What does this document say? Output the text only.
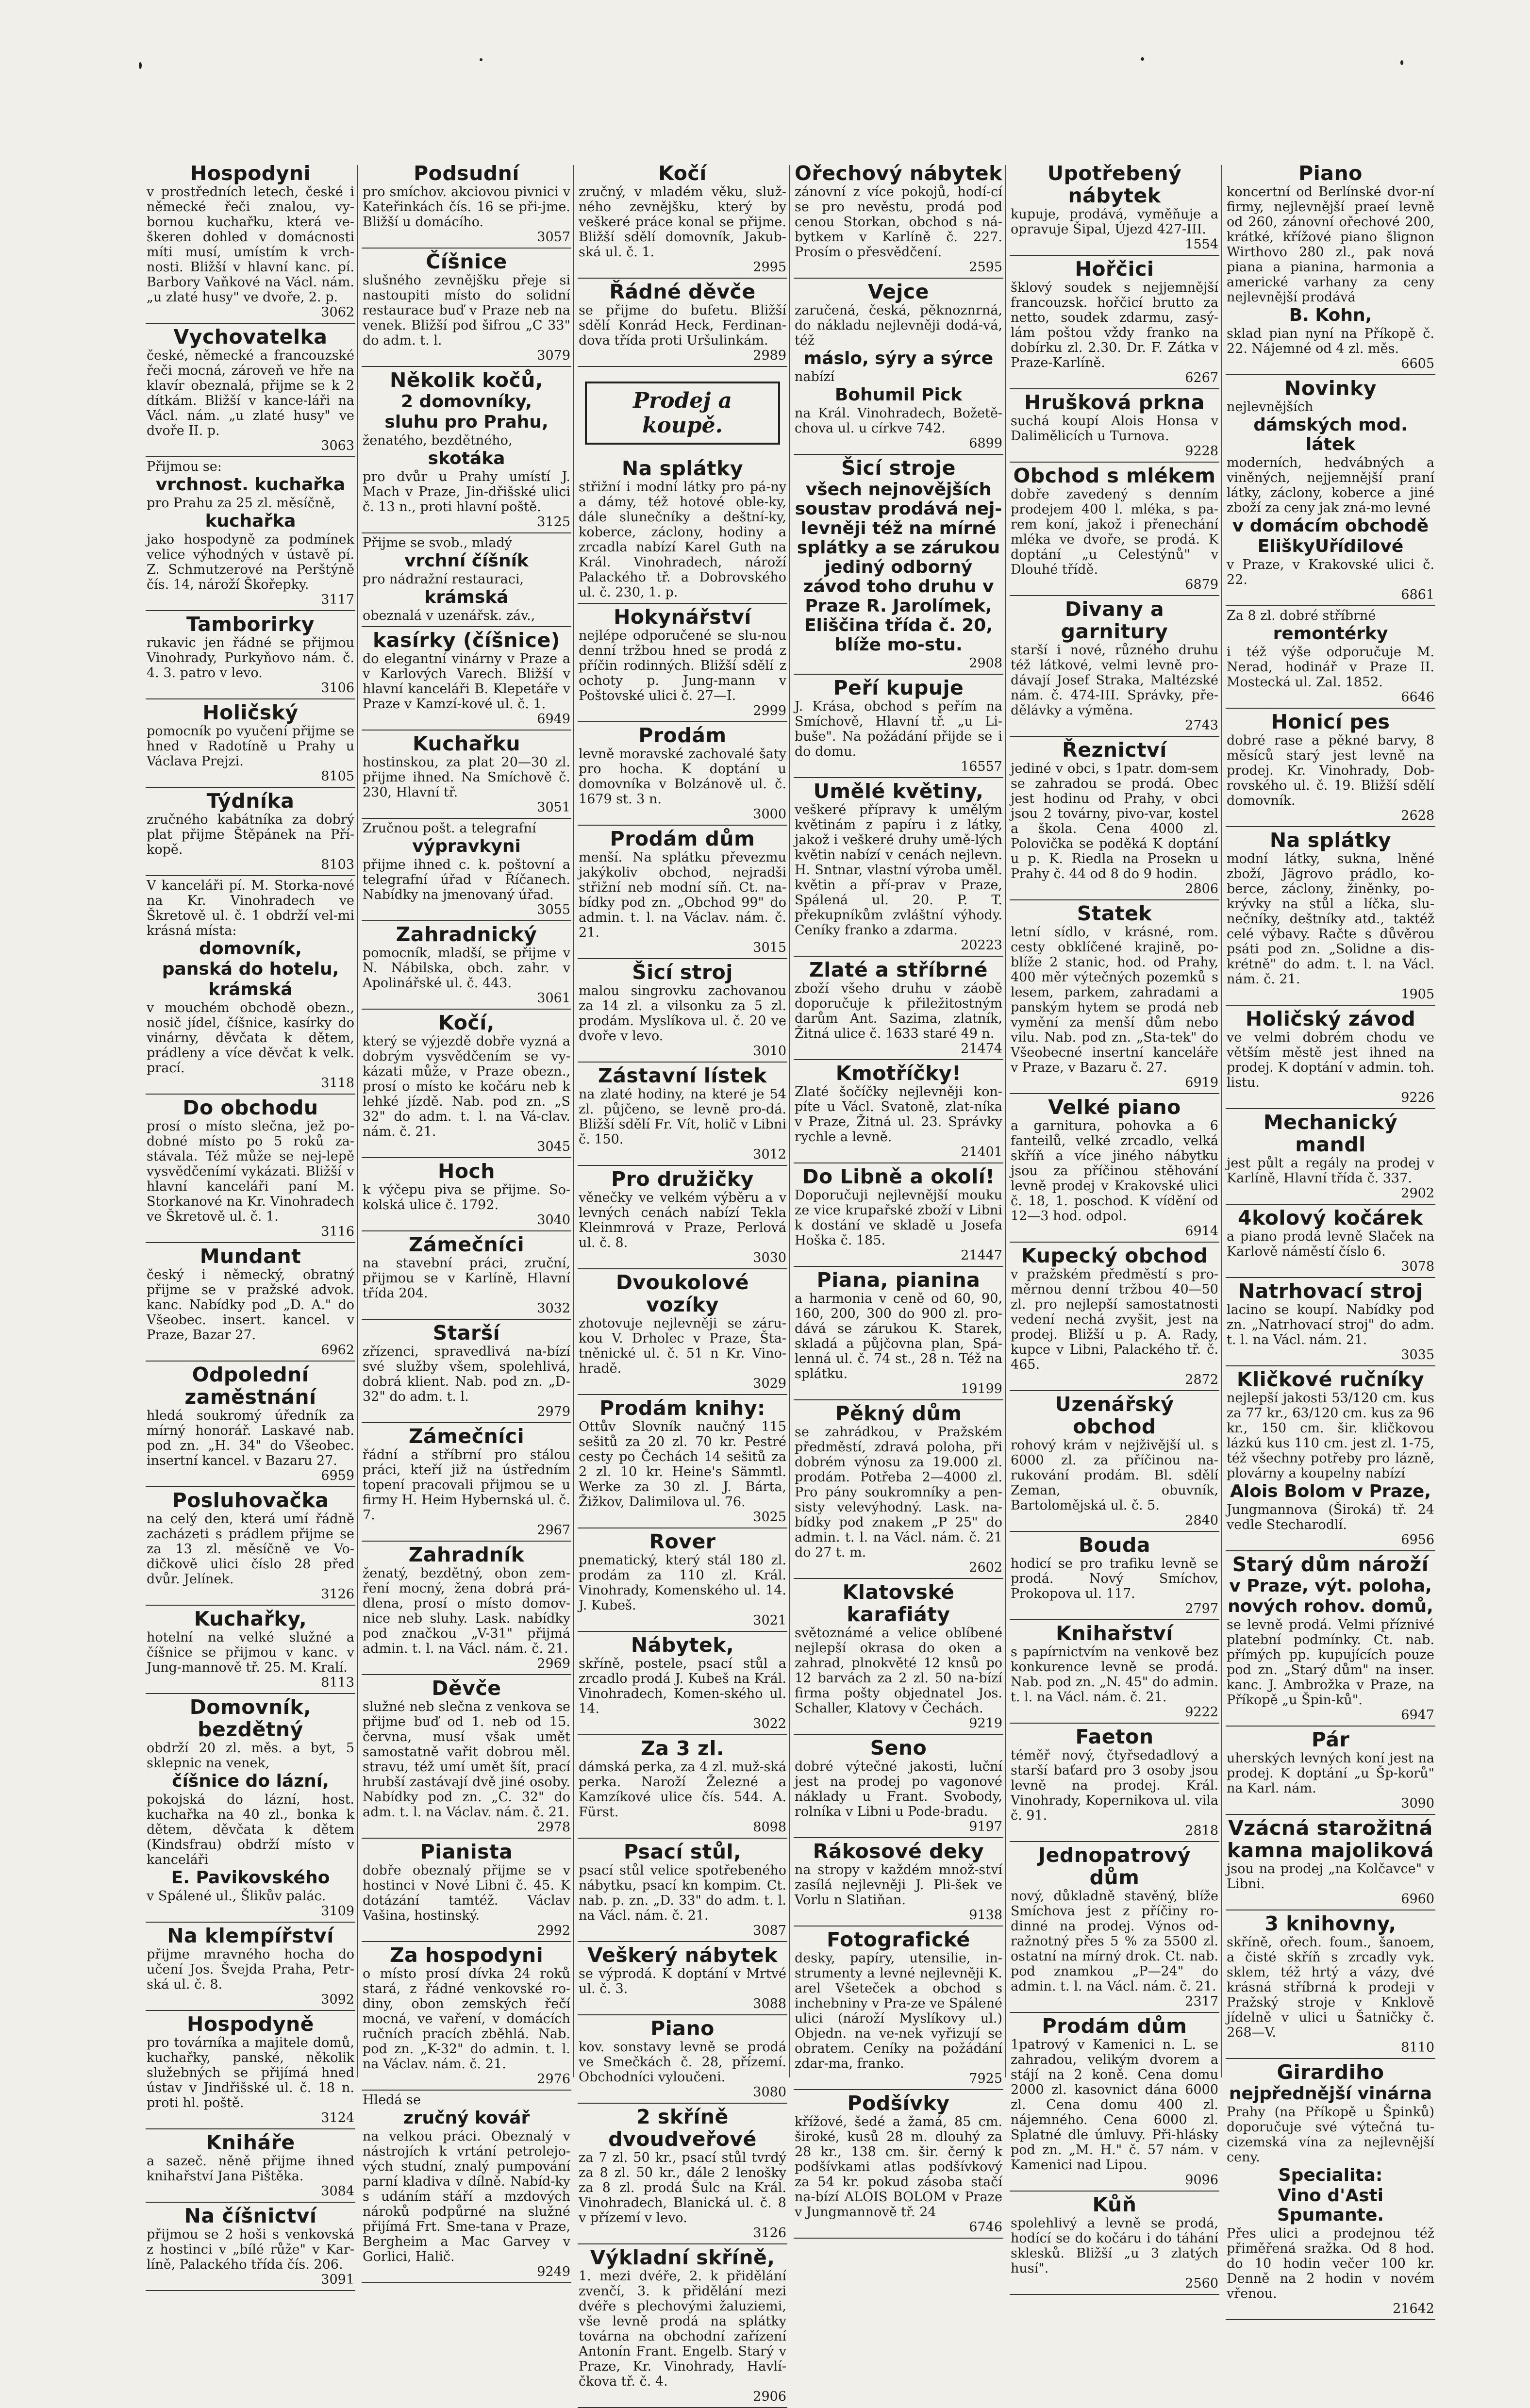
Hospodyni
v prostředních letech, české i německé řeči znalou, vy-bornou kuchařku, která ve-škeren dohled v domácnosti míti musí, umístím k vrch-nosti. Bližší v hlavní kanc. pí. Barbory Vaňkové na Václ. nám. „u zlaté husy" ve dvoře, 2. p.
3062
Vychovatelka
české, německé a francouzské řeči mocná, zároveň ve hře na klavír obeznalá, přijme se k 2 dítkám. Bližší v kance-láři na Václ. nám. „u zlaté husy" ve dvoře II. p.
3063
Přijmou se:
vrchnost. kuchařka
pro Prahu za 25 zl. měsíčně,
kuchařka
jako hospodyně za podmínek velice výhodných v ústavě pí. Z. Schmutzerové na Perštýně čís. 14, nároží Škořepky.
3117
Tamborirky
rukavic jen řádné se přijmou Vinohrady, Purkyňovo nám. č. 4. 3. patro v levo.
3106
Holičský
pomocník po vyučení přijme se hned v Radotíně u Prahy u Václava Prejzi.
8105
Týdníka
zručného kabátníka za dobrý plat přijme Štěpánek na Pří-kopě.
8103
V kanceláři pí. M. Storka-nové na Kr. Vinohradech ve Škretově ul. č. 1 obdrží vel-mi krásná místa:
domovník,
panská do hotelu,
krámská
v mouchém obchodě obezn., nosič jídel, číšnice, kasírky do vinárny, děvčata k dětem, prádleny a více děvčat k velk. prací.
3118
Do obchodu
prosí o místo slečna, jež po-dobné místo po 5 roků za-stávala. Též může se nej-lepě vysvědčenímí vykázati. Bližší v hlavní kanceláři paní M. Storkanové na Kr. Vinohradech ve Škretově ul. č. 1.
3116
Mundant
český i německý, obratný přijme se v pražské advok. kanc. Nabídky pod „D. A." do Všeobec. insert. kancel. v Praze, Bazar 27.
6962
Odpolední zaměstnání
hledá soukromý úředník za mírný honorář. Laskavé nab. pod zn. „H. 34" do Všeobec. insertní kancel. v Bazaru 27.
6959
Posluhovačka
na celý den, která umí řádně zacházeti s prádlem přijme se za 13 zl. měsíčně ve Vo-dičkově ulici číslo 28 před dvůr. Jelínek.
3126
Kuchařky,
hotelní na velké služné a číšnice se přijmou v kanc. v Jung-mannově tř. 25. M. Kralí.
8113
Domovník, bezdětný
obdrží 20 zl. měs. a byt, 5 sklepnic na venek,
číšnice do lázní,
pokojská do lázní, host. kuchařka na 40 zl., bonka k dětem, děvčata k dětem (Kindsfrau) obdrží místo v kanceláři
E. Pavikovského
v Spálené ul., Šlikův palác.
3109
Na klempířství
přijme mravného hocha do učení Jos. Švejda Praha, Petr-ská ul. č. 8.
3092
Hospodyně
pro továrníka a majitele domů, kuchařky, panské, několik služebných se přijímá hned ústav v Jindřišské ul. č. 18 n. proti hl. poště.
3124
Kniháře
a sazeč. něně přijme ihned knihařství Jana Pištěka.
3084
Na číšnictví
přijmou se 2 hoši s venkovská z hostinci v „bílé růže" v Kar-líně, Palackého třída čís. 206.
3091
Podsudní
pro smíchov. akciovou pivnici v Kateřinkách čís. 16 se při-jme. Bližší u domácího.
3057
Číšnice
slušného zevnějšku přeje si nastoupiti místo do solidní restaurace buď v Praze neb na venek. Bližší pod šifrou „C 33" do adm. t. l.
3079
Několik kočů,
2 domovníky,
sluhu pro Prahu,
ženatého, bezdětného,
skotáka
pro dvůr u Prahy umístí J. Mach v Praze, Jin-dřišské ulici č. 13 n., proti hlavní poště.
3125
Přijme se svob., mladý
vrchní číšník
pro nádražní restauraci,
krámská
obeznalá v uzenářsk. záv.,
kasírky (číšnice)
do elegantní vinárny v Praze a v Karlových Varech. Bližší v hlavní kanceláři B. Klepetáře v Praze v Kamzí-kové ul. č. 1.
6949
Kuchařku
hostinskou, za plat 20—30 zl. přijme ihned. Na Smíchově č. 230, Hlavní tř.
3051
Zručnou pošt. a telegrafní
výpravkyni
přijme ihned c. k. poštovní a telegrafní úřad v Říčanech. Nabídky na jmenovaný úřad.
3055
Zahradnický
pomocník, mladší, se přijme v N. Nábilska, obch. zahr. v Apolinářské ul. č. 443.
3061
Kočí,
který se výjezdě dobře vyzná a dobrým vysvědčením se vy-kázati může, v Praze obezn., prosí o místo ke kočáru neb k lehké jízdě. Nab. pod zn. „S 32" do adm. t. l. na Vá-clav. nám. č. 21.
3045
Hoch
k výčepu piva se přijme. So-kolská ulice č. 1792.
3040
Zámečníci
na stavební práci, zruční, přijmou se v Karlíně, Hlavní třída 204.
3032
Starší
zřízenci, spravedlivá na-bízí své služby všem, spolehlivá, dobrá klient. Nab. pod zn. „D-32" do adm. t. l.
2979
Zámečníci
řádní a stříbrní pro stálou práci, kteří již na ústředním topení pracovali přijmou se u firmy H. Heim Hybernská ul. č. 7.
2967
Zahradník
ženatý, bezdětný, obon zem-ření mocný, žena dobrá prá-dlena, prosí o místo domov-nice neb sluhy. Lask. nabídky pod značkou „V-31" přijmá admin. t. l. na Václ. nám. č. 21.
2969
Děvče
služné neb slečna z venkova se přijme buď od 1. neb od 15. června, musí však umět samostatně vařit dobrou měl. stravu, též umí umět šít, prací hrubší zastávají dvě jiné osoby. Nabídky pod zn. „C. 32" do adm. t. l. na Václav. nám. č. 21.
2978
Pianista
dobře obeznalý přijme se v hostinci v Nové Libni č. 45. K dotázání tamtéž. Václav Vašina, hostinský.
2992
Za hospodyni
o místo prosí dívka 24 roků stará, z řádné venkovské ro-diny, obon zemských řečí mocná, ve vaření, v domácích ručních pracích zběhlá. Nab. pod zn. „K-32" do admin. t. l. na Václav. nám. č. 21.
2976
Hledá se
zručný kovář
na velkou práci. Obeznalý v nástrojích k vrtání petrolejo-vých studní, znalý pumpování parní kladiva v dílně. Nabíd-ky s udáním stáří a mzdových nároků podpůrné na služné přijímá Frt. Sme-tana v Praze, Bergheim a Mac Garvey v Gorlici, Halič.
9249
Kočí
zručný, v mladém věku, služ-ného zevnějšku, který by veškeré práce konal se přijme. Bližší sdělí domovník, Jakub-ská ul. č. 1.
2995
Řádné děvče
se přijme do bufetu. Bližší sdělí Konrád Heck, Ferdinan-dova třída proti Uršulinkám.
2989
Prodej a koupě.
Na splátky
střižní i modní látky pro pá-ny a dámy, též hotové oble-ky, dále slunečníky a deštní-ky, koberce, záclony, hodiny a zrcadla nabízí Karel Guth na Král. Vinohradech, nároží Palackého tř. a Dobrovského ul. č. 230, 1. p.
Hokynářství
nejlépe odporučené se slu-nou denní tržbou hned se prodá z příčin rodinných. Bližší sdělí z ochoty p. Jung-mann v Poštovské ulici č. 27—I.
2999
Prodám
levně moravské zachovalé šaty pro hocha. K doptání u domovníka v Bolzánově ul. č. 1679 st. 3 n.
3000
Prodám dům
menší. Na splátku převezmu jakýkoliv obchod, nejradši střižní neb modní síň. Ct. na-bídky pod zn. „Obchod 99" do admin. t. l. na Václav. nám. č. 21.
3015
Šicí stroj
malou singrovku zachovanou za 14 zl. a vilsonku za 5 zl. prodám. Myslíkova ul. č. 20 ve dvoře v levo.
3010
Zástavní lístek
na zlaté hodiny, na které je 54 zl. půjčeno, se levně pro-dá. Bližší sdělí Fr. Vít, holič v Libni č. 150.
3012
Pro družičky
věnečky ve velkém výběru a v levných cenách nabízí Tekla Kleinmrová v Praze, Perlová ul. č. 8.
3030
Dvoukolové vozíky
zhotovuje nejlevněji se záru-kou V. Drholec v Praze, Šta-tněnické ul. č. 51 n Kr. Vino-hradě.
3029
Prodám knihy:
Ottův Slovník naučný 115 sešitů za 20 zl. 70 kr. Pestré cesty po Čechách 14 sešitů za 2 zl. 10 kr. Heine's Sämmtl. Werke za 30 zl. J. Bárta, Žižkov, Dalimilova ul. 76.
3025
Rover
pnematický, který stál 180 zl. prodám za 110 zl. Král. Vinohrady, Komenského ul. 14. J. Kubeš.
3021
Nábytek,
skříně, postele, psací stůl a zrcadlo prodá J. Kubeš na Král. Vinohradech, Komen-ského ul. 14.
3022
Za 3 zl.
dámská perka, za 4 zl. muž-ská perka. Naroží Železné a Kamzíkové ulice čís. 544. A. Fürst.
8098
Psací stůl,
psací stůl velice spotřebeného nábytku, psací kn kompim. Ct. nab. p. zn. „D. 33" do adm. t. l. na Václ. nám. č. 21.
3087
Veškerý nábytek
se výprodá. K doptání v Mrtvé ul. č. 3.
3088
Piano
kov. sonstavy levně se prodá ve Smečkách č. 28, přízemí. Obchodníci vyloučeni.
3080
2 skříně dvoudveřové
za 7 zl. 50 kr., psací stůl tvrdý za 8 zl. 50 kr., dále 2 lenošky za 8 zl. prodá Šulc na Král. Vinohradech, Blanická ul. č. 8 v přízemí v levo.
3126
Výkladní skříně,
1. mezi dvéře, 2. k přidělání zvenčí, 3. k přidělání mezi dvéře s plechovými žaluziemi, vše levně prodá na splátky továrna na obchodní zařízení Antonín Frant. Engelb. Starý v Praze, Kr. Vinohrady, Havlí-čkova tř. č. 4.
2906
Ořechový nábytek
zánovní z více pokojů, hodí-cí se pro nevěstu, prodá pod cenou Storkan, obchod s ná-bytkem v Karlíně č. 227. Prosím o přesvědčení.
2595
Vejce
zaručená, česká, pěknoznrná, do nákladu nejlevněji dodá-vá, též
máslo, sýry a sýrce
nabízí
Bohumil Pick
na Král. Vinohradech, Božetě-chova ul. u církve 742.
6899
Šicí stroje
všech nejnovějších soustav prodává nej-levněji též na mírné splátky a se zárukou jediný odborný závod toho druhu v Praze R. Jarolímek, Eliščina třída č. 20, blíže mo-stu.
2908
Peří kupuje
J. Krása, obchod s peřím na Smíchově, Hlavní tř. „u Li-buše". Na požádání přijde se i do domu.
16557
Umělé květiny,
veškeré přípravy k umělým květinám z papíru i z látky, jakož i veškeré druhy umě-lých květin nabízí v cenách nejlevn. H. Sntnar, vlastní výroba uměl. květin a pří-prav v Praze, Spálená ul. 20. P. T. překupníkům zvláštní výhody. Ceníky franko a zdarma.
20223
Zlaté a stříbrné
zboží všeho druhu v záobě doporučuje k přiležitostným darům Ant. Sazima, zlatník, Žitná ulice č. 1633 staré 49 n.
21474
Kmotříčky!
Zlaté šočíčky nejlevněji kon-píte u Václ. Svatoně, zlat-níka v Praze, Žitná ul. 23. Správky rychle a levně.
21401
Do Libně a okolí!
Doporučuji nejlevnější mouku ze vice krupařské zboží v Libni k dostání ve skladě u Josefa Hoška č. 185.
21447
Piana, pianina
a harmonia v ceně od 60, 90, 160, 200, 300 do 900 zl. pro-dává se zárukou K. Starek, skladá a půjčovna plan, Spá-lenná ul. č. 74 st., 28 n. Též na splátku.
19199
Pěkný dům
se zahrádkou, v Pražském předměstí, zdravá poloha, při dobrém výnosu za 19.000 zl. prodám. Potřeba 2—4000 zl. Pro pány soukromníky a pen-sisty velevýhodný. Lask. na-bídky pod znakem „P 25" do admin. t. l. na Václ. nám. č. 21 do 27 t. m.
2602
Klatovské karafiáty
světoznámé a velice oblíbené nejlepší okrasa do oken a zahrad, plnokvěté 12 knsů po 12 barvách za 2 zl. 50 na-bízí firma pošty objednatel Jos. Schaller, Klatovy v Čechách.
9219
Seno
dobré výtečné jakosti, luční jest na prodej po vagonové náklady u Frant. Svobody, rolníka v Libni u Pode-bradu.
9197
Rákosové deky
na stropy v každém množ-ství zasílá nejlevněji J. Pli-šek ve Vorlu n Slatiňan.
9138
Fotografické
desky, papíry, utensilie, in-strumenty a levné nejlevněji K. arel Všeteček a obchod s inchebniny v Pra-ze ve Spálené ulici (nároží Myslíkovy ul.) Objedn. na ve-nek vyřizují se obratem. Ceníky na požádání zdar-ma, franko.
7925
Podšívky
křížové, šedé a žamá, 85 cm. široké, kusů 28 m. dlouhý za 28 kr., 138 cm. šir. černý k podšívkami atlas podšívkový za 54 kr. pokud zásoba stačí na-bízí ALOIS BOLOM v Praze v Jungmannově tř. 24
6746
Upotřebený nábytek
kupuje, prodává, vyměňuje a opravuje Šipal, Újezd 427-III.
1554
Hořčici
šklový soudek s nejjemnější francouzsk. hořčicí brutto za netto, soudek zdarmu, zasý-lám poštou vždy franko na dobírku zl. 2.30. Dr. F. Zátka v Praze-Karlíně.
6267
Hrušková prkna
suchá koupí Alois Honsa v Dalimělicích u Turnova.
9228
Obchod s mlékem
dobře zavedený s denním prodejem 400 l. mléka, s pa-rem koní, jakož i přenechání mléka ve dvoře, se prodá. K doptání „u Celestýnů" v Dlouhé třídě.
6879
Divany a garnitury
starší i nové, různého druhu též látkové, velmi levně pro-dávají Josef Straka, Maltézské nám. č. 474-III. Správky, pře-dělávky a výměna.
2743
Řeznictví
jediné v obci, s 1patr. dom-sem se zahradou se prodá. Obec jest hodinu od Prahy, v obci jsou 2 továrny, pivo-var, kostel a škola. Cena 4000 zl. Polovička se poděká K doptání u p. K. Riedla na Prosekn u Prahy č. 44 od 8 do 9 hodin.
2806
Statek
letní sídlo, v krásné, rom. cesty obklíčené krajině, po-blíže 2 stanic, hod. od Prahy, 400 měr výtečných pozemků s lesem, parkem, zahradami a panským hytem se prodá neb vymění za menší dům nebo vilu. Nab. pod zn. „Sta-tek" do Všeobecné insertní kanceláře v Praze, v Bazaru č. 27.
6919
Velké piano
a garnitura, pohovka a 6 fanteilů, velké zrcadlo, velká skříň a více jiného nábytku jsou za příčinou stěhování levně prodej v Krakovské ulici č. 18, 1. poschod. K vídění od 12—3 hod. odpol.
6914
Kupecký obchod
v pražském předměstí s pro-měrnou denní tržbou 40—50 zl. pro nejlepší samostatnosti vedení nechá zvyšit, jest na prodej. Bližší u p. A. Rady, kupce v Libni, Palackého tř. č. 465.
2872
Uzenářský obchod
rohový krám v nejživější ul. s 6000 zl. za příčinou na-rukování prodám. Bl. sdělí Zeman, obuvník, Bartolomějská ul. č. 5.
2840
Bouda
hodicí se pro trafiku levně se prodá. Nový Smíchov, Prokopova ul. 117.
2797
Knihařství
s papírnictvím na venkově bez konkurence levně se prodá. Nab. pod zn. „N. 45" do admin. t. l. na Václ. nám. č. 21.
9222
Faeton
téměř nový, čtyřsedadlový a starší baťard pro 3 osoby jsou levně na prodej. Král. Vinohrady, Kopernikova ul. vila č. 91.
2818
Jednopatrový dům
nový, důkladně stavěný, blíže Smíchova jest z příčiny ro-dinné na prodej. Výnos od-ražnotný přes 5 % za 5500 zl. ostatní na mírný drok. Ct. nab. pod znamkou „P—24" do admin. t. l. na Václ. nám. č. 21.
2317
Prodám dům
1patrový v Kamenici n. L. se zahradou, velikým dvorem a stájí na 2 koně. Cena domu 2000 zl. kasovnict dána 6000 zl. Cena domu 400 zl. nájemného. Cena 6000 zl. Splatné dle úmluvy. Při-hlásky pod zn. „M. H." č. 57 nám. v Kamenici nad Lipou.
9096
Kůň
spolehlivý a levně se prodá, hodící se do kočáru i do táhání sklesků. Bližší „u 3 zlatých husí".
2560
Piano
koncertní od Berlínské dvor-ní firmy, nejlevnější praeí levně od 260, zánovní ořechové 200, krátké, křížové piano šlignon Wirthovo 280 zl., pak nová piana a pianina, harmonia a americké varhany za ceny nejlevnější prodává
B. Kohn,
sklad pian nyní na Příkopě č. 22. Nájemné od 4 zl. měs.
6605
Novinky
nejlevnějších
dámských mod. látek
moderních, hedvábných a viněných, nejjemnější praní látky, záclony, koberce a jiné zboží za ceny jak zná-mo levné
v domácím obchodě
EliškyUřídilové
v Praze, v Krakovské ulici č. 22.
6861
Za 8 zl. dobré stříbrné
remontérky
i též výše odporučuje M. Nerad, hodinář v Praze II. Mostecká ul. Zal. 1852.
6646
Honicí pes
dobré rase a pěkné barvy, 8 měsíců starý jest levně na prodej. Kr. Vinohrady, Dob-rovského ul. č. 19. Bližší sdělí domovník.
2628
Na splátky
modní látky, sukna, lněné zboží, Jägrovo prádlo, ko-berce, záclony, žiněnky, po-krývky na stůl a líčka, slu-nečníky, deštníky atd., taktéž celé výbavy. Račte s důvěrou psáti pod zn. „Solidne a dis-krétně" do adm. t. l. na Václ. nám. č. 21.
1905
Holičský závod
ve velmi dobrém chodu ve větším městě jest ihned na prodej. K doptání v admin. toh. listu.
9226
Mechanický mandl
jest půlt a regály na prodej v Karlíně, Hlavní třída č. 337.
2902
4kolový kočárek
a piano prodá levně Slaček na Karlově náměstí číslo 6.
3078
Natrhovací stroj
lacino se koupí. Nabídky pod zn. „Natrhovací stroj" do adm. t. l. na Václ. nám. 21.
3035
Kličkové ručníky
nejlepší jakosti 53/120 cm. kus za 77 kr., 63/120 cm. kus za 96 kr., 150 cm. šir. kličkovou lázkú kus 110 cm. jest zl. 1-75, též všechny potřeby pro lázně, plovárny a koupelny nabízí
Alois Bolom v Praze,
Jungmannova (Široká) tř. 24 vedle Stecharodlí.
6956
Starý dům nároží
v Praze, výt. poloha,
nových rohov. domů,
se levně prodá. Velmi příznivé platební podmínky. Ct. nab. přímých pp. kupujících pouze pod zn. „Starý dům" na inser. kanc. J. Ambrožka v Praze, na Příkopě „u Špin-ků".
6947
Pár
uherských levných koní jest na prodej. K doptání „u Šp-korů" na Karl. nám.
3090
Vzácná starožitná kamna majoliková
jsou na prodej „na Kolčavce" v Libni.
6960
3 knihovny,
skříně, ořech. foum., šanoem, a čisté skříň s zrcadly vyk. sklem, též hrtý a vázy, dvé krásná stříbrná k prodeji v Pražský stroje v Knklově jídelně v ulici u Šatničky č. 268—V.
8110
Girardiho
nejpřednější vinárna
Prahy (na Příkopě u Špinků) doporučuje své výtečná tu-cizemská vína za nejlevnější ceny.
Specialita:
Vino d'Asti Spumante.
Přes ulici a prodejnou též přiměřená sražka. Od 8 hod. do 10 hodin večer 100 kr. Denně na 2 hodin v novém vřenou.
21642
